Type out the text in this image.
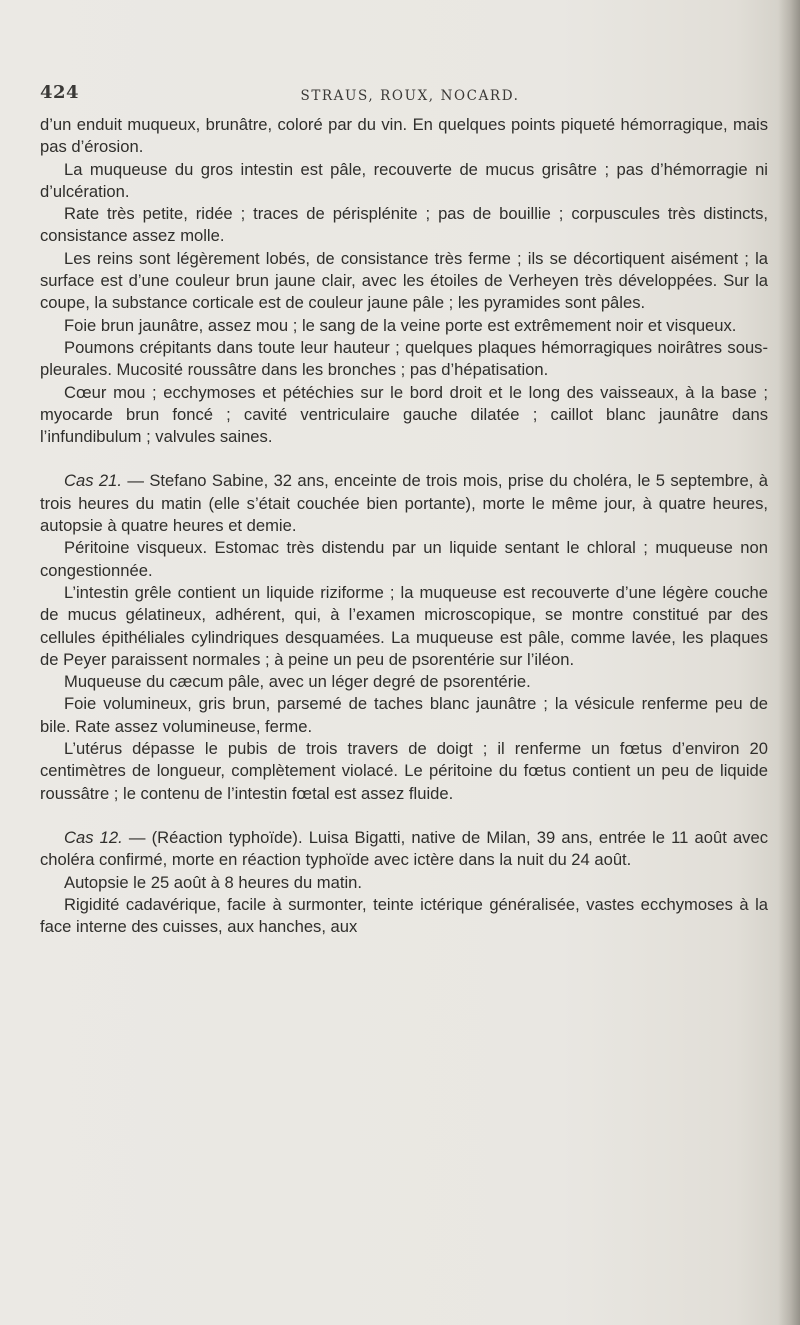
424	STRAUS, ROUX, NOCARD.

d’un enduit muqueux, brunâtre, coloré par du vin. En quelques points piqueté hémorragique, mais pas d’érosion.

La muqueuse du gros intestin est pâle, recouverte de mucus grisâtre ; pas d’hémorragie ni d’ulcération.

Rate très petite, ridée ; traces de périsplénite ; pas de bouillie ; corpuscules très distincts, consistance assez molle.

Les reins sont légèrement lobés, de consistance très ferme ; ils se décortiquent aisément ; la surface est d’une couleur brun jaune clair, avec les étoiles de Verheyen très développées. Sur la coupe, la substance corticale est de couleur jaune pâle ; les pyramides sont pâles.

Foie brun jaunâtre, assez mou ; le sang de la veine porte est extrêmement noir et visqueux.

Poumons crépitants dans toute leur hauteur ; quelques plaques hémorragiques noirâtres sous-pleurales. Mucosité roussâtre dans les bronches ; pas d’hépatisation.

Cœur mou ; ecchymoses et pétéchies sur le bord droit et le long des vaisseaux, à la base ; myocarde brun foncé ; cavité ventriculaire gauche dilatée ; caillot blanc jaunâtre dans l’infundibulum ; valvules saines.

Cas 21. — Stefano Sabine, 32 ans, enceinte de trois mois, prise du choléra, le 5 septembre, à trois heures du matin (elle s’était couchée bien portante), morte le même jour, à quatre heures, autopsie à quatre heures et demie.

Péritoine visqueux. Estomac très distendu par un liquide sentant le chloral ; muqueuse non congestionnée.

L’intestin grêle contient un liquide riziforme ; la muqueuse est recouverte d’une légère couche de mucus gélatineux, adhérent, qui, à l’examen microscopique, se montre constitué par des cellules épithéliales cylindriques desquamées. La muqueuse est pâle, comme lavée, les plaques de Peyer paraissent normales ; à peine un peu de psorentérie sur l’iléon.

Muqueuse du cæcum pâle, avec un léger degré de psorentérie.

Foie volumineux, gris brun, parsemé de taches blanc jaunâtre ; la vésicule renferme peu de bile. Rate assez volumineuse, ferme.

L’utérus dépasse le pubis de trois travers de doigt ; il renferme un fœtus d’environ 20 centimètres de longueur, complètement violacé. Le péritoine du fœtus contient un peu de liquide roussâtre ; le contenu de l’intestin fœtal est assez fluide.

Cas 12. — (Réaction typhoïde). Luisa Bigatti, native de Milan, 39 ans, entrée le 11 août avec choléra confirmé, morte en réaction typhoïde avec ictère dans la nuit du 24 août.

Autopsie le 25 août à 8 heures du matin.

Rigidité cadavérique, facile à surmonter, teinte ictérique généralisée, vastes ecchymoses à la face interne des cuisses, aux hanches, aux
